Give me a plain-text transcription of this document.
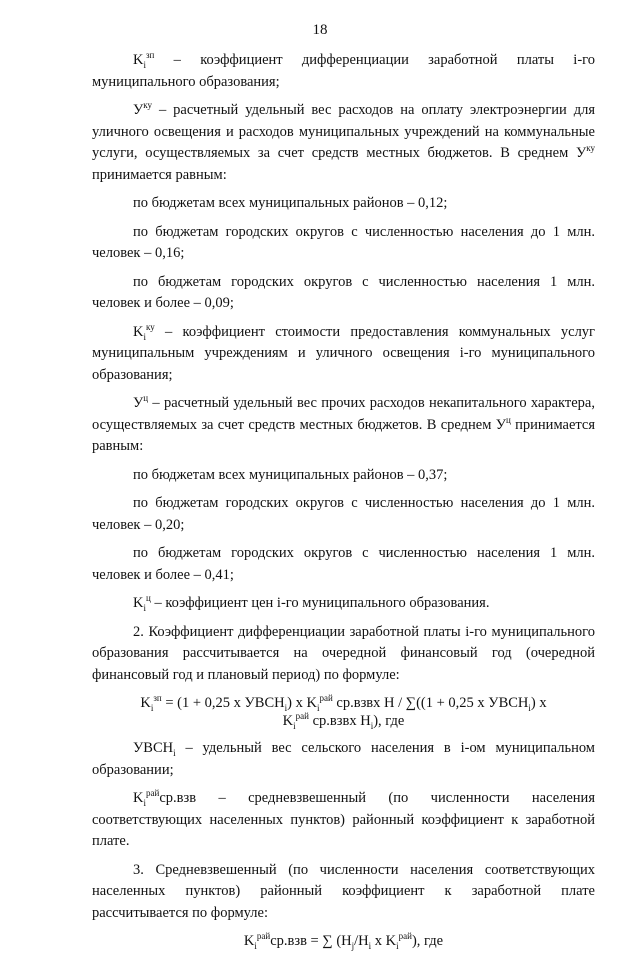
18

$K_i^{зп}$ – коэффициент дифференциации заработной платы i-го муниципального образования;

$У^{ку}$ – расчетный удельный вес расходов на оплату электроэнергии для уличного освещения и расходов муниципальных учреждений на коммунальные услуги, осуществляемых за счет средств местных бюджетов. В среднем $У^{ку}$ принимается равным:

по бюджетам всех муниципальных районов – 0,12;

по бюджетам городских округов с численностью населения до 1 млн. человек – 0,16;

по бюджетам городских округов с численностью населения 1 млн. человек и более – 0,09;

$K_i^{ку}$ – коэффициент стоимости предоставления коммунальных услуг муниципальным учреждениям и уличного освещения i-го муниципального образования;

$У^ц$ – расчетный удельный вес прочих расходов некапитального характера, осуществляемых за счет средств местных бюджетов. В среднем $У^ц$ принимается равным:

по бюджетам всех муниципальных районов – 0,37;

по бюджетам городских округов с численностью населения до 1 млн. человек – 0,20;

по бюджетам городских округов с численностью населения 1 млн. человек и более – 0,41;

$K_i^ц$ – коэффициент цен i-го муниципального образования.

2. Коэффициент дифференциации заработной платы i-го муниципального образования рассчитывается на очередной финансовый год (очередной финансовый год и плановый период) по формуле:

$K_i^{зп} = (1 + 0,25$ x $УВСН_i$) x $K_i^{рай}$ ср.взвх Н / ∑((1 + 0,25 x $УВСН_i$) x
$K_i^{рай}$ ср.взвх $Н_i$), где

$УВСН_i$ – удельный вес сельского населения в i-ом муниципальном образовании;

$K_i^{рай}ср.взв$ – средневзвешенный (по численности населения соответствующих населенных пунктов) районный коэффициент к заработной плате.

3. Средневзвешенный (по численности населения соответствующих населенных пунктов) районный коэффициент к заработной плате рассчитывается по формуле:

$K_i^{рай}ср.взв$ = ∑ ($Н_j/Н_i$ x $K_i^{рай}$), где
